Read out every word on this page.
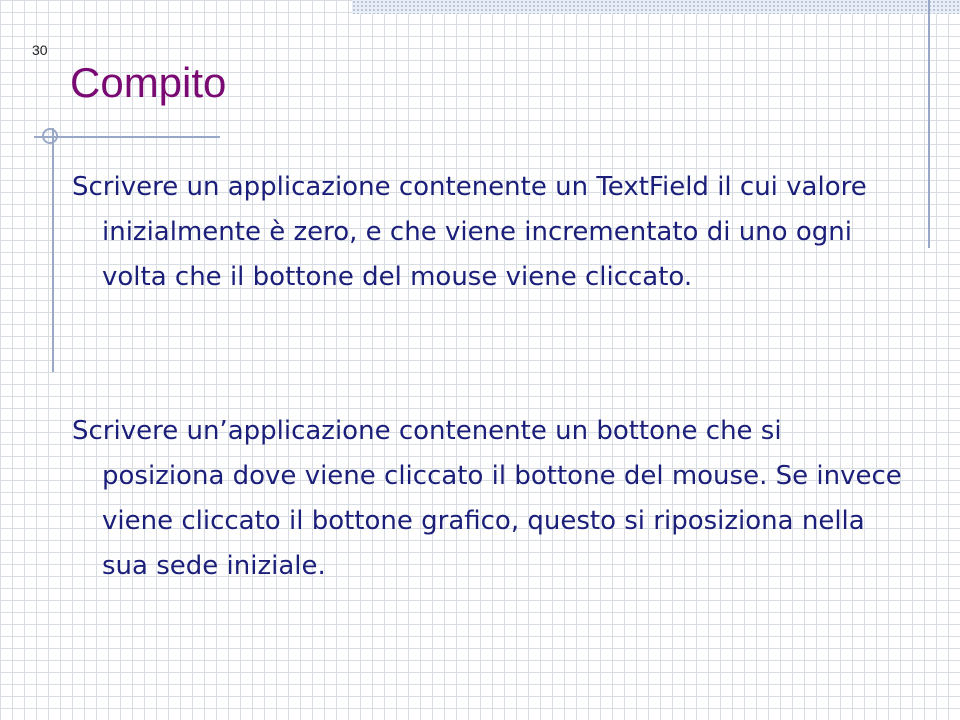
30
Compito

Scrivere un applicazione contenente un TextField il cui valore inizialmente è zero, e che viene incrementato di uno ogni volta che il bottone del mouse viene cliccato.

Scrivere un’applicazione contenente un bottone che si posiziona dove viene cliccato il bottone del mouse. Se invece viene cliccato il bottone grafico, questo si riposiziona nella sua sede iniziale.
